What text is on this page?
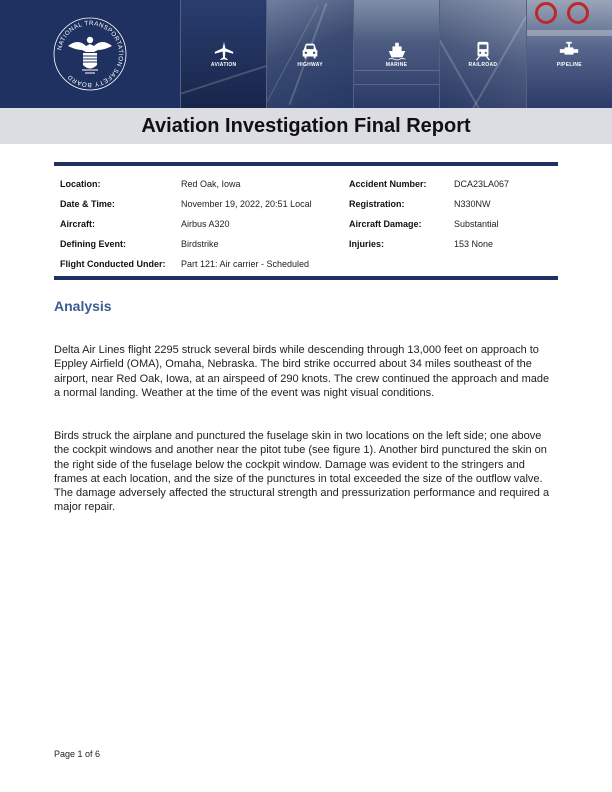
NATIONAL TRANSPORTATION SAFETY BOARD
AVIATION	HIGHWAY	MARINE	RAILROAD	PIPELINE
Aviation Investigation Final Report
Location:	Red Oak, Iowa	Accident Number:	DCA23LA067
Date & Time:	November 19, 2022, 20:51 Local	Registration:	N330NW
Aircraft:	Airbus A320	Aircraft Damage:	Substantial
Defining Event:	Birdstrike	Injuries:	153 None
Flight Conducted Under: Part 121: Air carrier - Scheduled
Analysis

Delta Air Lines flight 2295 struck several birds while descending through 13,000 feet on approach to Eppley Airfield (OMA), Omaha, Nebraska. The bird strike occurred about 34 miles southeast of the airport, near Red Oak, Iowa, at an airspeed of 290 knots. The crew continued the approach and made a normal landing. Weather at the time of the event was night visual conditions.

Birds struck the airplane and punctured the fuselage skin in two locations on the left side; one above the cockpit windows and another near the pitot tube (see figure 1). Another bird punctured the skin on the right side of the fuselage below the cockpit window. Damage was evident to the stringers and frames at each location, and the size of the punctures in total exceeded the size of the outflow valve. The damage adversely affected the structural strength and pressurization performance and required a major repair.

Page 1 of 6
